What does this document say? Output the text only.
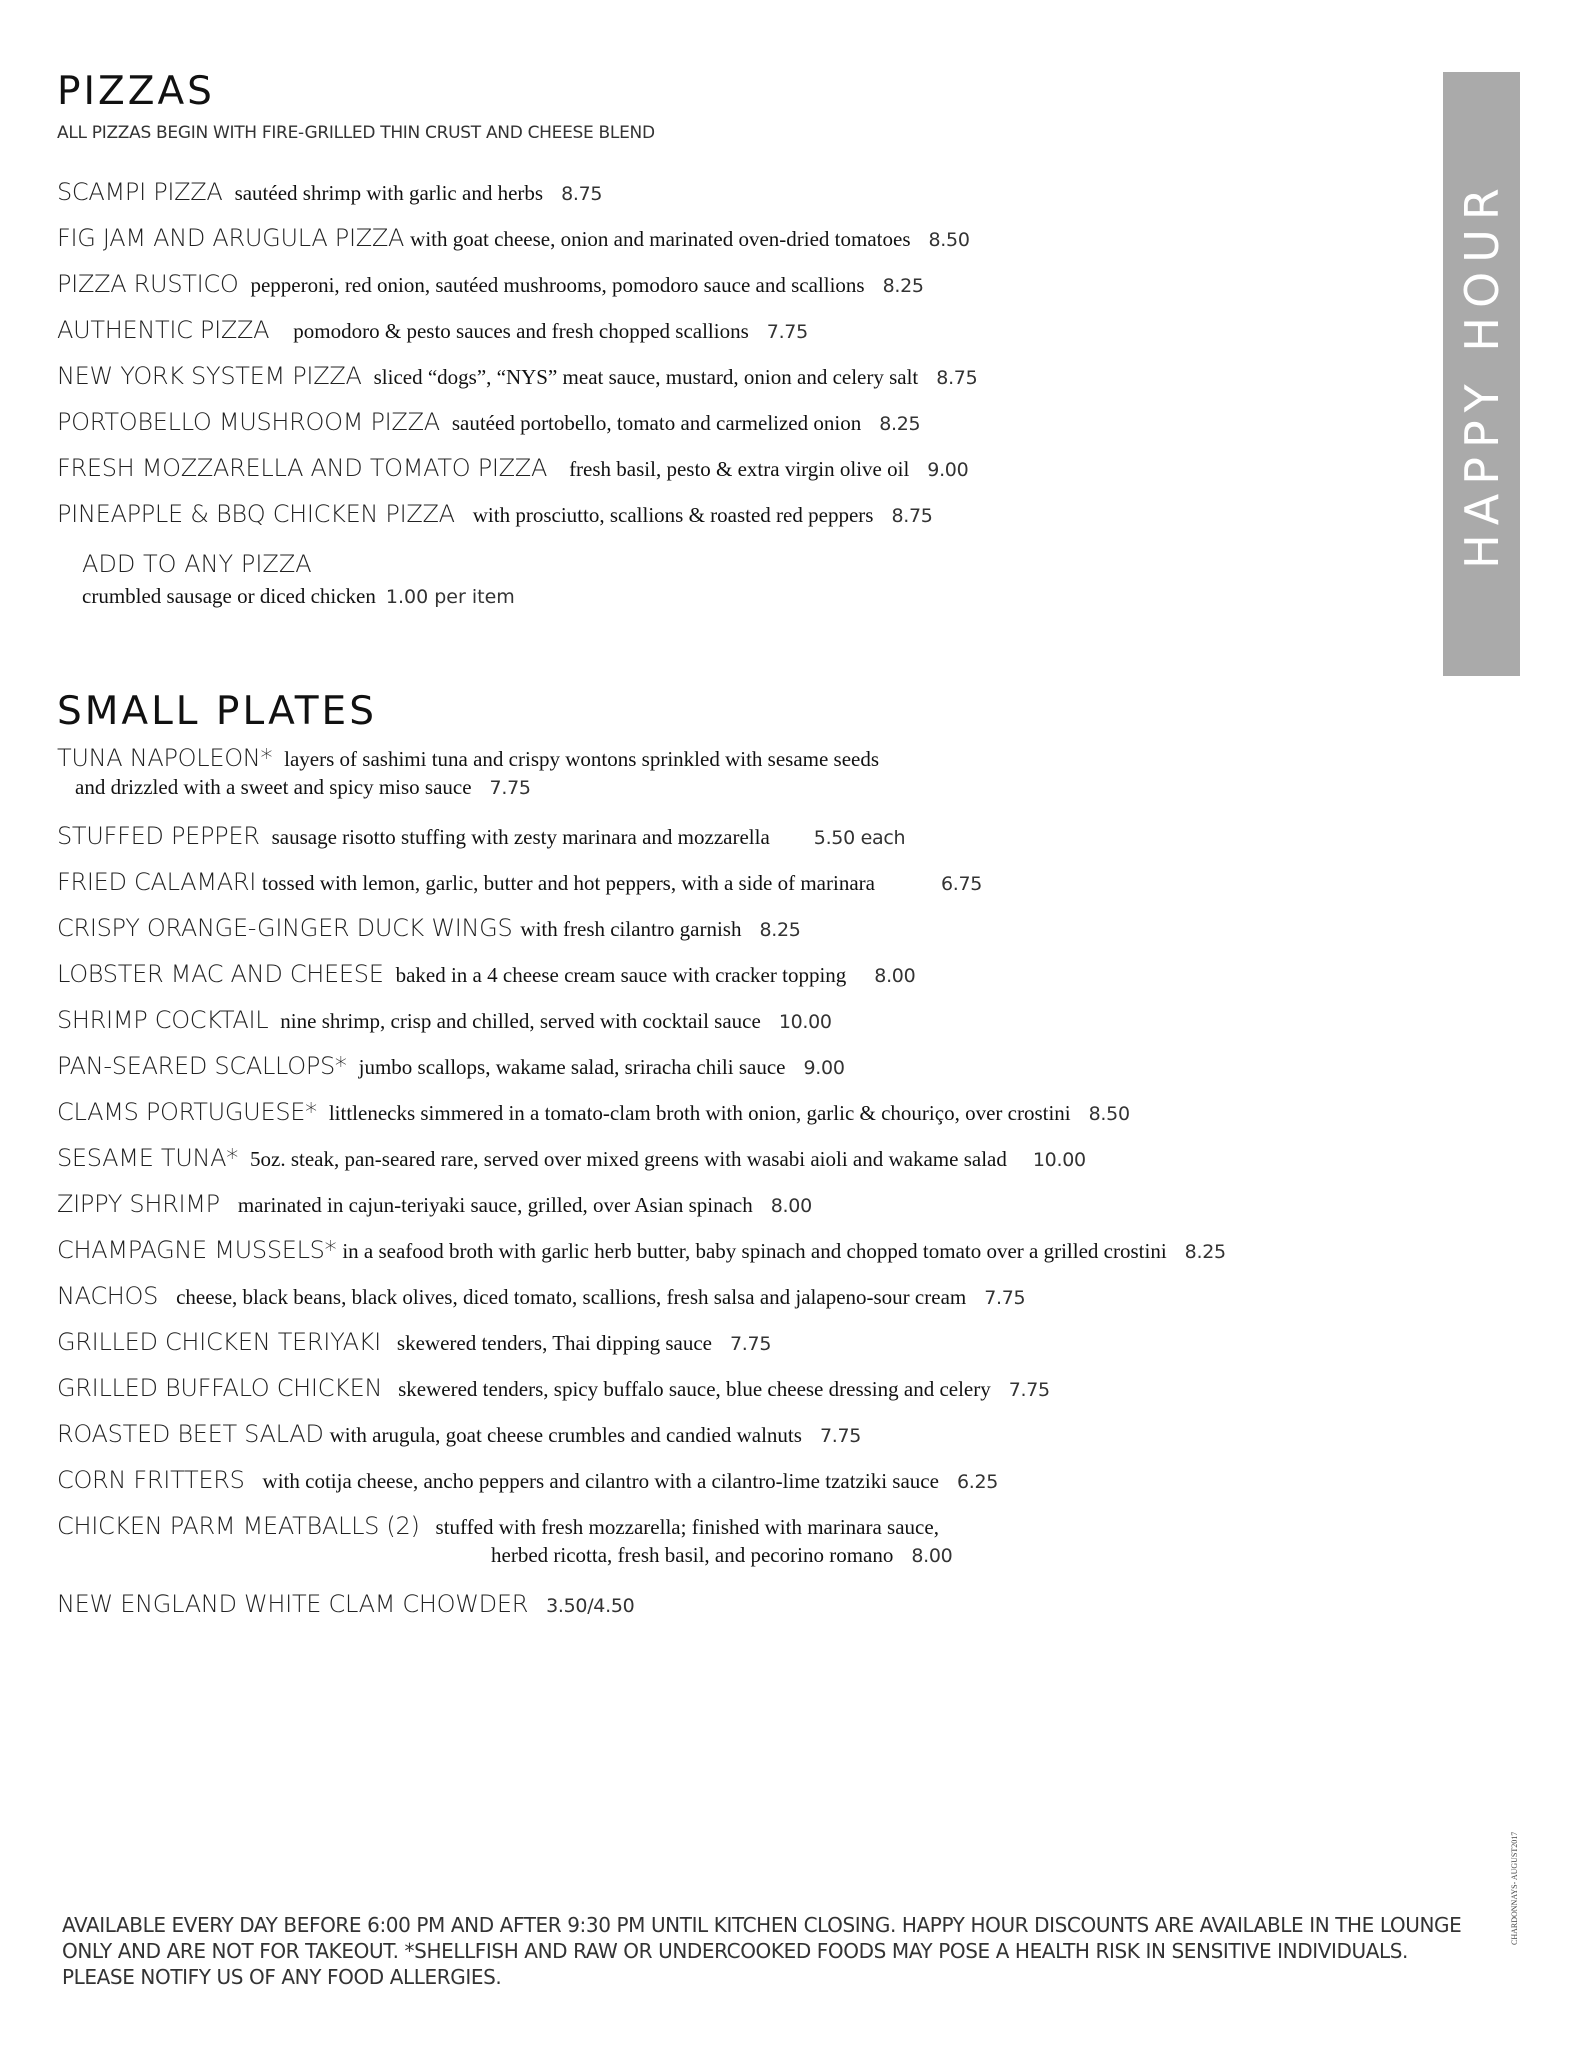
PIZZAS
ALL PIZZAS BEGIN WITH FIRE-GRILLED THIN CRUST AND CHEESE BLEND
SCAMPI PIZZA sautéed shrimp with garlic and herbs 8.75
FIG JAM AND ARUGULA PIZZA with goat cheese, onion and marinated oven-dried tomatoes 8.50
PIZZA RUSTICO pepperoni, red onion, sautéed mushrooms, pomodoro sauce and scallions 8.25
AUTHENTIC PIZZA pomodoro & pesto sauces and fresh chopped scallions 7.75
NEW YORK SYSTEM PIZZA sliced “dogs”, “NYS” meat sauce, mustard, onion and celery salt 8.75
PORTOBELLO MUSHROOM PIZZA sautéed portobello, tomato and carmelized onion 8.25
FRESH MOZZARELLA AND TOMATO PIZZA fresh basil, pesto & extra virgin olive oil 9.00
PINEAPPLE & BBQ CHICKEN PIZZA with prosciutto, scallions & roasted red peppers 8.75
ADD TO ANY PIZZA
crumbled sausage or diced chicken 1.00 per item
HAPPY HOUR
SMALL PLATES
TUNA NAPOLEON* layers of sashimi tuna and crispy wontons sprinkled with sesame seeds
and drizzled with a sweet and spicy miso sauce 7.75
STUFFED PEPPER sausage risotto stuffing with zesty marinara and mozzarella 5.50 each
FRIED CALAMARI tossed with lemon, garlic, butter and hot peppers, with a side of marinara	6.75
CRISPY ORANGE-GINGER DUCK WINGS with fresh cilantro garnish 8.25
LOBSTER MAC AND CHEESE baked in a 4 cheese cream sauce with cracker topping 8.00
SHRIMP COCKTAIL nine shrimp, crisp and chilled, served with cocktail sauce 10.00
PAN-SEARED SCALLOPS* jumbo scallops, wakame salad, sriracha chili sauce 9.00
CLAMS PORTUGUESE* littlenecks simmered in a tomato-clam broth with onion, garlic & chouriço, over crostini 8.50
SESAME TUNA* 5oz. steak, pan-seared rare, served over mixed greens with wasabi aioli and wakame salad 10.00
ZIPPY SHRIMP marinated in cajun-teriyaki sauce, grilled, over Asian spinach 8.00
CHAMPAGNE MUSSELS* in a seafood broth with garlic herb butter, baby spinach and chopped tomato over a grilled crostini 8.25
NACHOS cheese, black beans, black olives, diced tomato, scallions, fresh salsa and jalapeno-sour cream 7.75
GRILLED CHICKEN TERIYAKI skewered tenders, Thai dipping sauce 7.75
GRILLED BUFFALO CHICKEN skewered tenders, spicy buffalo sauce, blue cheese dressing and celery 7.75
ROASTED BEET SALAD with arugula, goat cheese crumbles and candied walnuts 7.75
CORN FRITTERS with cotija cheese, ancho peppers and cilantro with a cilantro-lime tzatziki sauce 6.25
CHICKEN PARM MEATBALLS (2) stuffed with fresh mozzarella; finished with marinara sauce,
herbed ricotta, fresh basil, and pecorino romano 8.00
NEW ENGLAND WHITE CLAM CHOWDER 3.50/4.50

AVAILABLE EVERY DAY BEFORE 6:00 PM AND AFTER 9:30 PM UNTIL KITCHEN CLOSING. HAPPY HOUR DISCOUNTS ARE AVAILABLE IN THE LOUNGE ONLY AND ARE NOT FOR TAKEOUT. *SHELLFISH AND RAW OR UNDERCOOKED FOODS MAY POSE A HEALTH RISK IN SENSITIVE INDIVIDUALS. PLEASE NOTIFY US OF ANY FOOD ALLERGIES.

CHARDONNAYS- AUGUST2017
